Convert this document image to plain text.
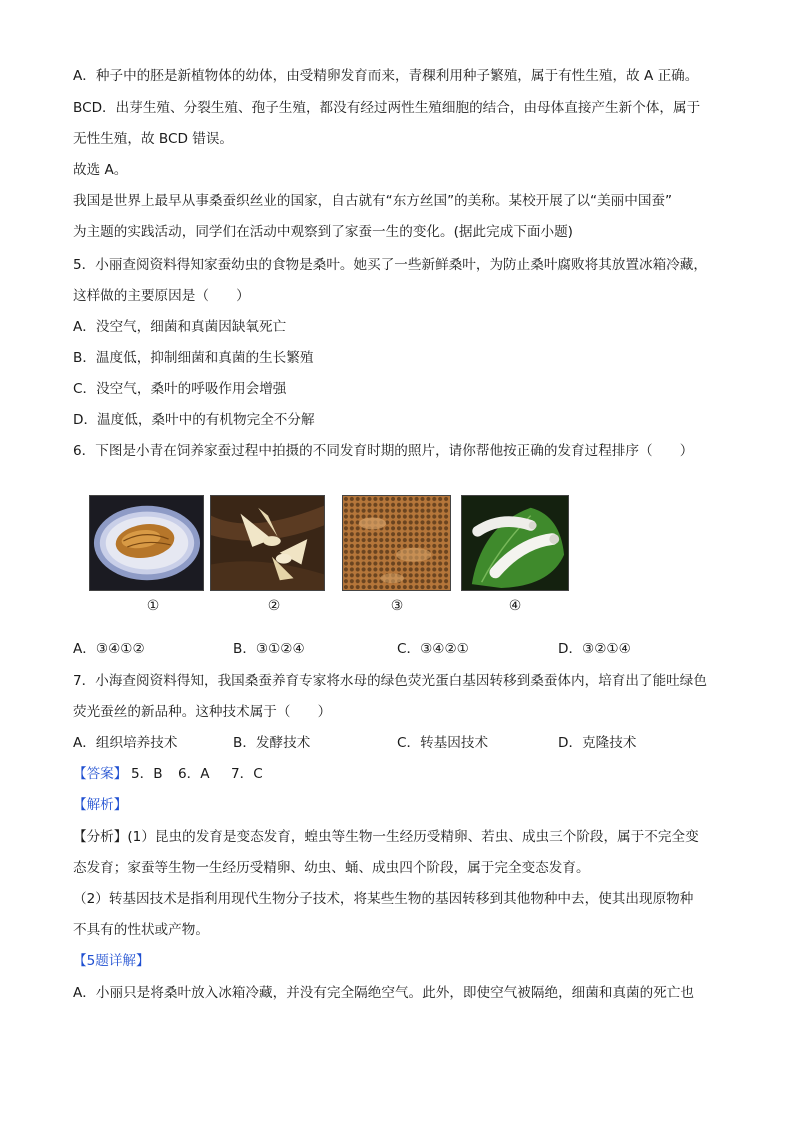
A．种子中的胚是新植物体的幼体，由受精卵发育而来，青稞利用种子繁殖，属于有性生殖，故 A 正确。
BCD．出芽生殖、分裂生殖、孢子生殖，都没有经过两性生殖细胞的结合，由母体直接产生新个体，属于
无性生殖，故 BCD 错误。
故选 A。
我国是世界上最早从事桑蚕织丝业的国家，自古就有“东方丝国”的美称。某校开展了以“美丽中国蚕”
为主题的实践活动，同学们在活动中观察到了家蚕一生的变化。(据此完成下面小题)
5．小丽查阅资料得知家蚕幼虫的食物是桑叶。她买了一些新鲜桑叶，为防止桑叶腐败将其放置冰箱冷藏，
这样做的主要原因是（　　）
A．没空气，细菌和真菌因缺氧死亡
B．温度低，抑制细菌和真菌的生长繁殖
C．没空气，桑叶的呼吸作用会增强
D．温度低，桑叶中的有机物完全不分解
6．下图是小青在饲养家蚕过程中拍摄的不同发育时期的照片，请你帮他按正确的发育过程排序（　　）
①	②	③	④
A．③④①②	B．③①②④	C．③④②①	D．③②①④
7．小海查阅资料得知，我国桑蚕养育专家将水母的绿色荧光蛋白基因转移到桑蚕体内，培育出了能吐绿色
荧光蚕丝的新品种。这种技术属于（　　）
A．组织培养技术	B．发酵技术	C．转基因技术	D．克隆技术
【答案】 5．B 6．A 7．C
【解析】
【分析】(1）昆虫的发育是变态发育，蝗虫等生物一生经历受精卵、若虫、成虫三个阶段，属于不完全变
态发育；家蚕等生物一生经历受精卵、幼虫、蛹、成虫四个阶段，属于完全变态发育。
（2）转基因技术是指利用现代生物分子技术，将某些生物的基因转移到其他物种中去，使其出现原物种
不具有的性状或产物。
【5题详解】
A．小丽只是将桑叶放入冰箱冷藏，并没有完全隔绝空气。此外，即使空气被隔绝，细菌和真菌的死亡也
